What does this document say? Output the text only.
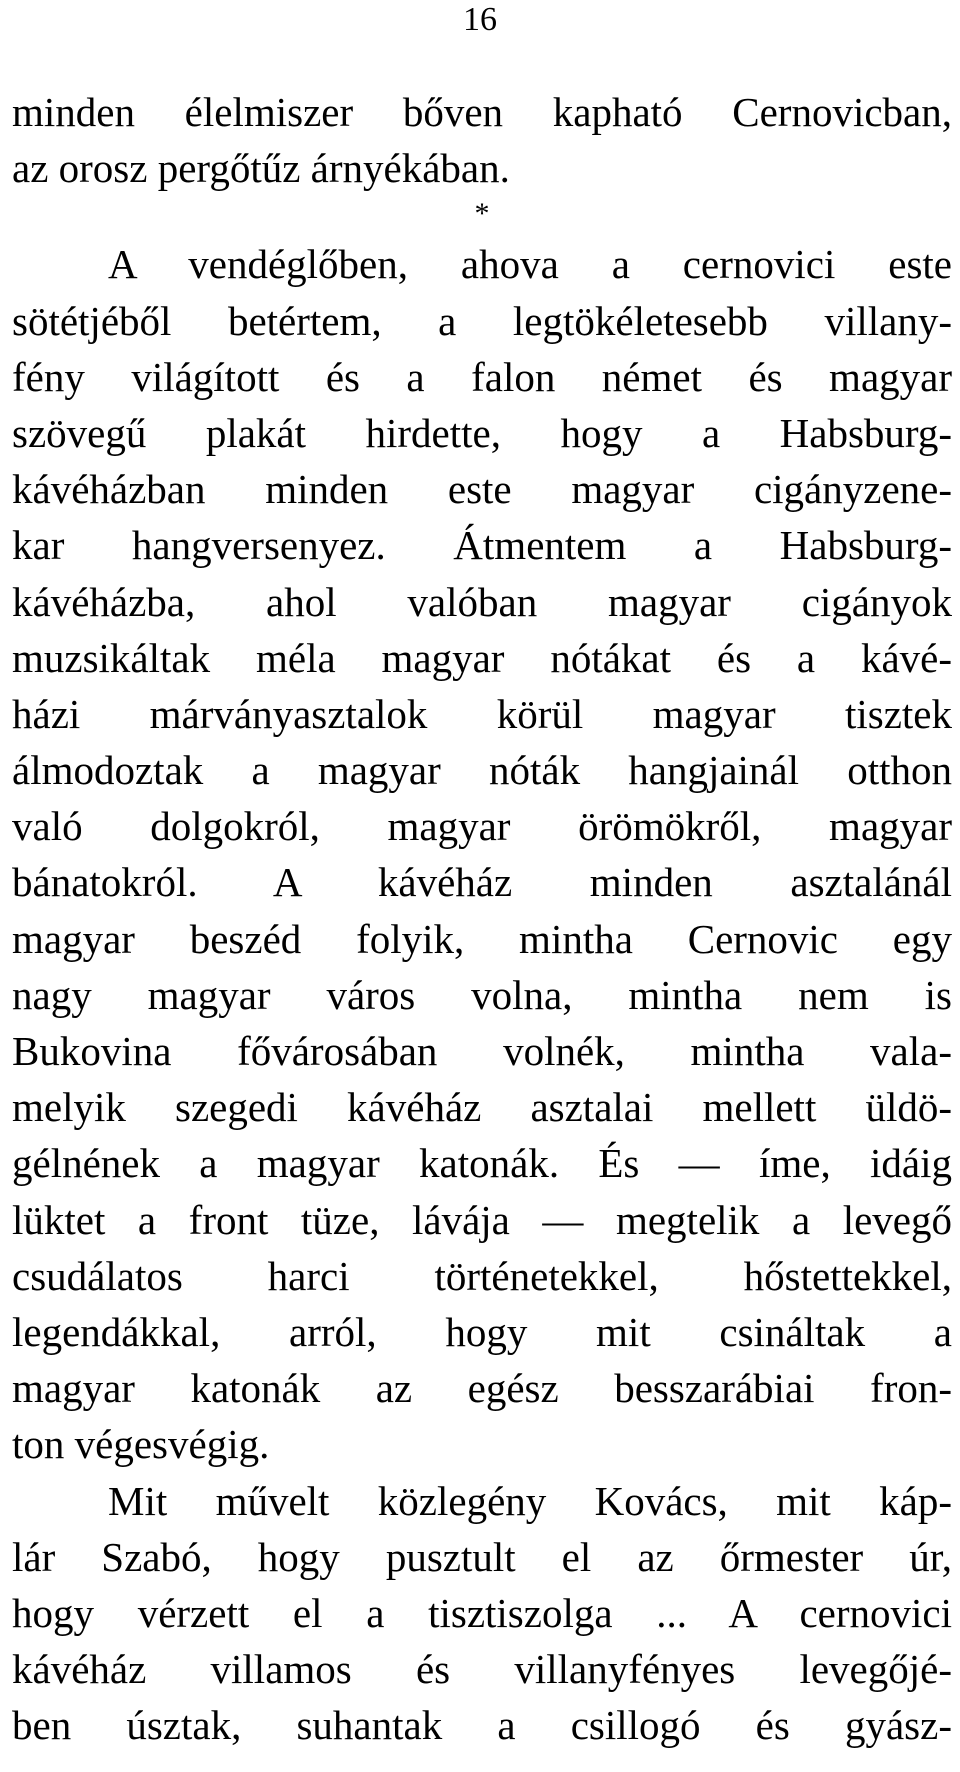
16
minden élelmiszer bőven kapható Cernovicban,
az orosz pergőtűz árnyékában.
*
A vendéglőben, ahova a cernovici este
sötétjéből betértem, a legtökéletesebb villany-
fény világított és a falon német és magyar
szövegű plakát hirdette, hogy a Habsburg-
kávéházban minden este magyar cigányzene-
kar hangversenyez. Átmentem a Habsburg-
kávéházba, ahol valóban magyar cigányok
muzsikáltak méla magyar nótákat és a kávé-
házi márványasztalok körül magyar tisztek
álmodoztak a magyar nóták hangjainál otthon
való dolgokról, magyar örömökről, magyar
bánatokról. A kávéház minden asztalánál
magyar beszéd folyik, mintha Cernovic egy
nagy magyar város volna, mintha nem is
Bukovina fővárosában volnék, mintha vala-
melyik szegedi kávéház asztalai mellett üldö-
gélnének a magyar katonák. És — íme, idáig
lüktet a front tüze, lávája — megtelik a levegő
csudálatos harci történetekkel, hőstettekkel,
legendákkal, arról, hogy mit csináltak a
magyar katonák az egész besszarábiai fron-
ton végesvégig.
Mit művelt közlegény Kovács, mit káp-
lár Szabó, hogy pusztult el az őrmester úr,
hogy vérzett el a tisztiszolga ... A cernovici
kávéház villamos és villanyfényes levegőjé-
ben úsztak, suhantak a csillogó és gyász-
